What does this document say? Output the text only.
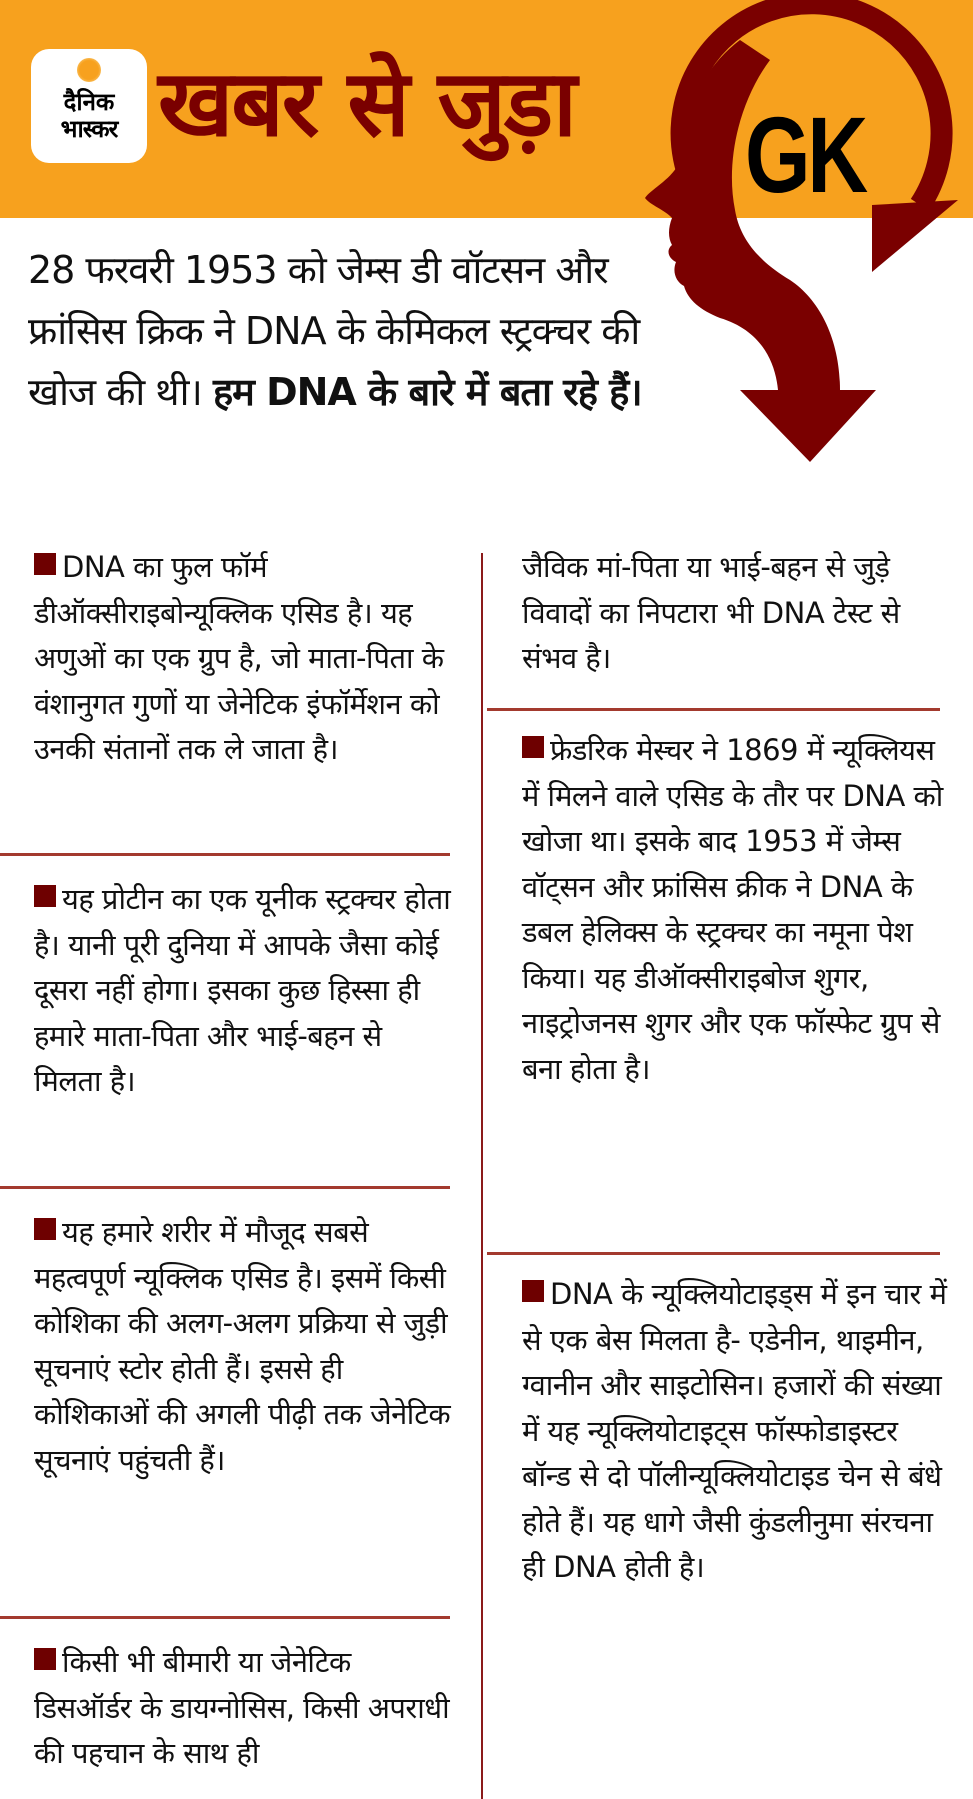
दैनिक
भास्कर खबर से जुड़ा GK
28 फरवरी 1953 को जेम्स डी वॉटसन और फ्रांसिस क्रिक ने DNA के केमिकल स्ट्रक्चर की खोज की थी। हम DNA के बारे में बता रहे हैं।
DNA का फुल फॉर्म डीऑक्सीराइबोन्यूक्लिक एसिड है। यह अणुओं का एक ग्रुप है, जो माता-पिता के वंशानुगत गुणों या जेनेटिक इंफॉर्मेशन को उनकी संतानों तक ले जाता है।
यह प्रोटीन का एक यूनीक स्ट्रक्चर होता है। यानी पूरी दुनिया में आपके जैसा कोई दूसरा नहीं होगा। इसका कुछ हिस्सा ही हमारे माता-पिता और भाई-बहन से मिलता है।
यह हमारे शरीर में मौजूद सबसे महत्वपूर्ण न्यूक्लिक एसिड है। इसमें किसी कोशिका की अलग-अलग प्रक्रिया से जुड़ी सूचनाएं स्टोर होती हैं। इससे ही कोशिकाओं की अगली पीढ़ी तक जेनेटिक सूचनाएं पहुंचती हैं।
किसी भी बीमारी या जेनेटिक डिसऑर्डर के डायग्नोसिस, किसी अपराधी की पहचान के साथ ही
जैविक मां-पिता या भाई-बहन से जुड़े विवादों का निपटारा भी DNA टेस्ट से संभव है।
फ्रेडरिक मेस्चर ने 1869 में न्यूक्लियस में मिलने वाले एसिड के तौर पर DNA को खोजा था। इसके बाद 1953 में जेम्स वॉट्सन और फ्रांसिस क्रीक ने DNA के डबल हेलिक्स के स्ट्रक्चर का नमूना पेश किया। यह डीऑक्सीराइबोज शुगर, नाइट्रोजनस शुगर और एक फॉस्फेट ग्रुप से बना होता है।
DNA के न्यूक्लियोटाइड्स में इन चार में से एक बेस मिलता है- एडेनीन, थाइमीन, ग्वानीन और साइटोसिन। हजारों की संख्या में यह न्यूक्लियोटाइट्स फॉस्फोडाइस्टर बॉन्ड से दो पॉलीन्यूक्लियोटाइड चेन से बंधे होते हैं। यह धागे जैसी कुंडलीनुमा संरचना ही DNA होती है।
